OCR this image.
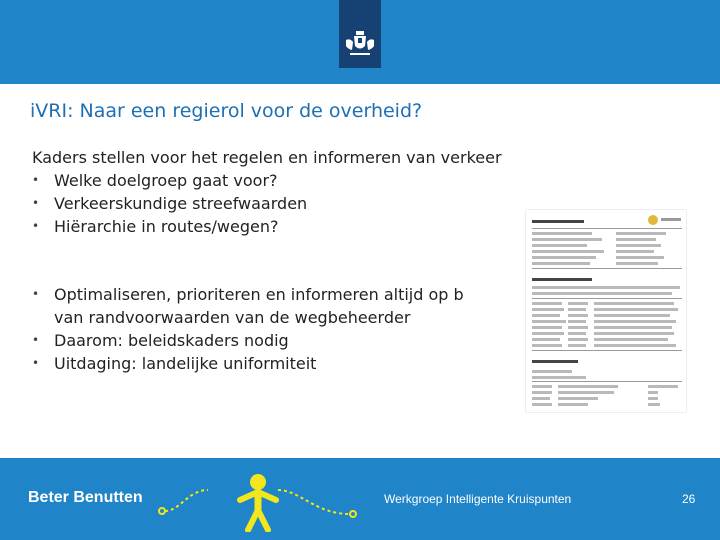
iVRI: Naar een regierol voor de overheid?
Kaders stellen voor het regelen en informeren van verkeer
• Welke doelgroep gaat voor?
• Verkeerskundige streefwaarden
• Hiërarchie in routes/wegen?
• Optimaliseren, prioriteren en informeren altijd op b
van randvoorwaarden van de wegbeheerder
• Daarom: beleidskaders nodig
• Uitdaging: landelijke uniformiteit
Beter Benutten	Werkgroep Intelligente Kruispunten	26
